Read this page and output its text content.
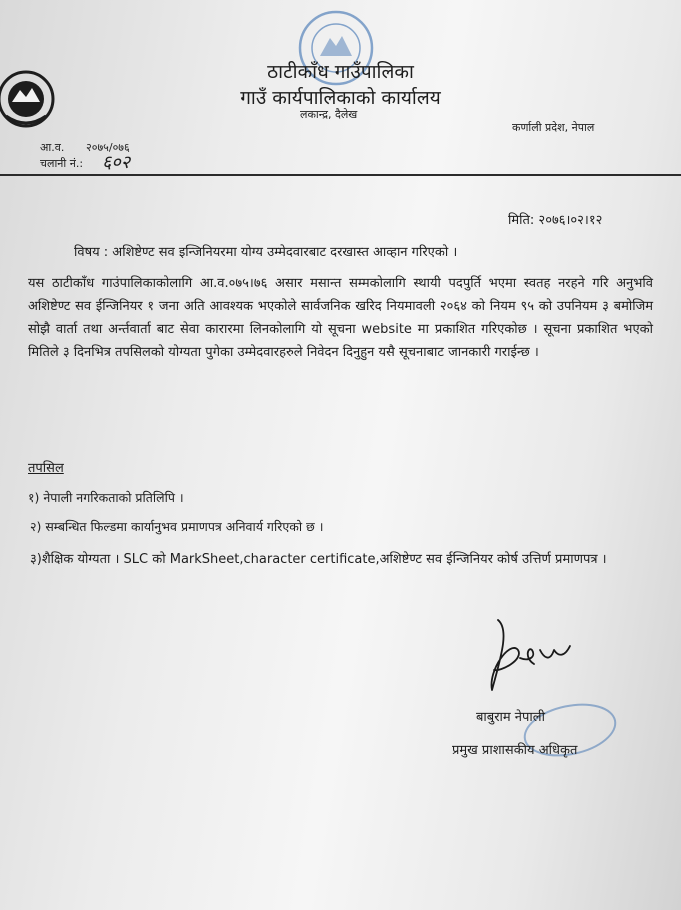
ठाटीकाँध गाउँपालिका
गाउँ कार्यपालिकाको कार्यालय
लकान्द्र, दैलेख
कर्णाली प्रदेश, नेपाल
आ.व. २०७५/०७६
चलानी नं.: ६०२
मिति: २०७६।०२।१२
विषय : अशिष्टेण्ट सव इन्जिनियरमा योग्य उम्मेदवारबाट दरखास्त आव्हान गरिएको ।
यस ठाटीकाँध गाउंपालिकाकोलागि आ.व.०७५।७६ असार मसान्त सम्मकोलागि स्थायी पदपुर्ति भएमा स्वतह नरहने गरि अनुभवि अशिष्टेण्ट सव ईन्जिनियर १ जना अति आवश्यक भएकोले सार्वजनिक खरिद नियमावली २०६४ को नियम ९५ को उपनियम ३ बमोजिम सोझै वार्ता तथा अर्न्तवार्ता बाट सेवा कारारमा लिनकोलागि यो सूचना website मा प्रकाशित गरिएकोछ । सूचना प्रकाशित भएको मितिले ३ दिनभित्र तपसिलको योग्यता पुगेका उम्मेदवारहरुले निवेदन दिनुहुन यसै सूचनाबाट जानकारी गराईन्छ ।
तपसिल
१) नेपाली नगरिकताको प्रतिलिपि ।
२) सम्बन्धित फिल्डमा कार्यानुभव प्रमाणपत्र अनिवार्य गरिएको छ ।
३)शैक्षिक योग्यता । SLC को MarkSheet,character certificate,अशिष्टेण्ट सव ईन्जिनियर कोर्ष उत्तिर्ण प्रमाणपत्र ।
बाबुराम नेपाली
प्रमुख प्राशासकीय अधिकृत
